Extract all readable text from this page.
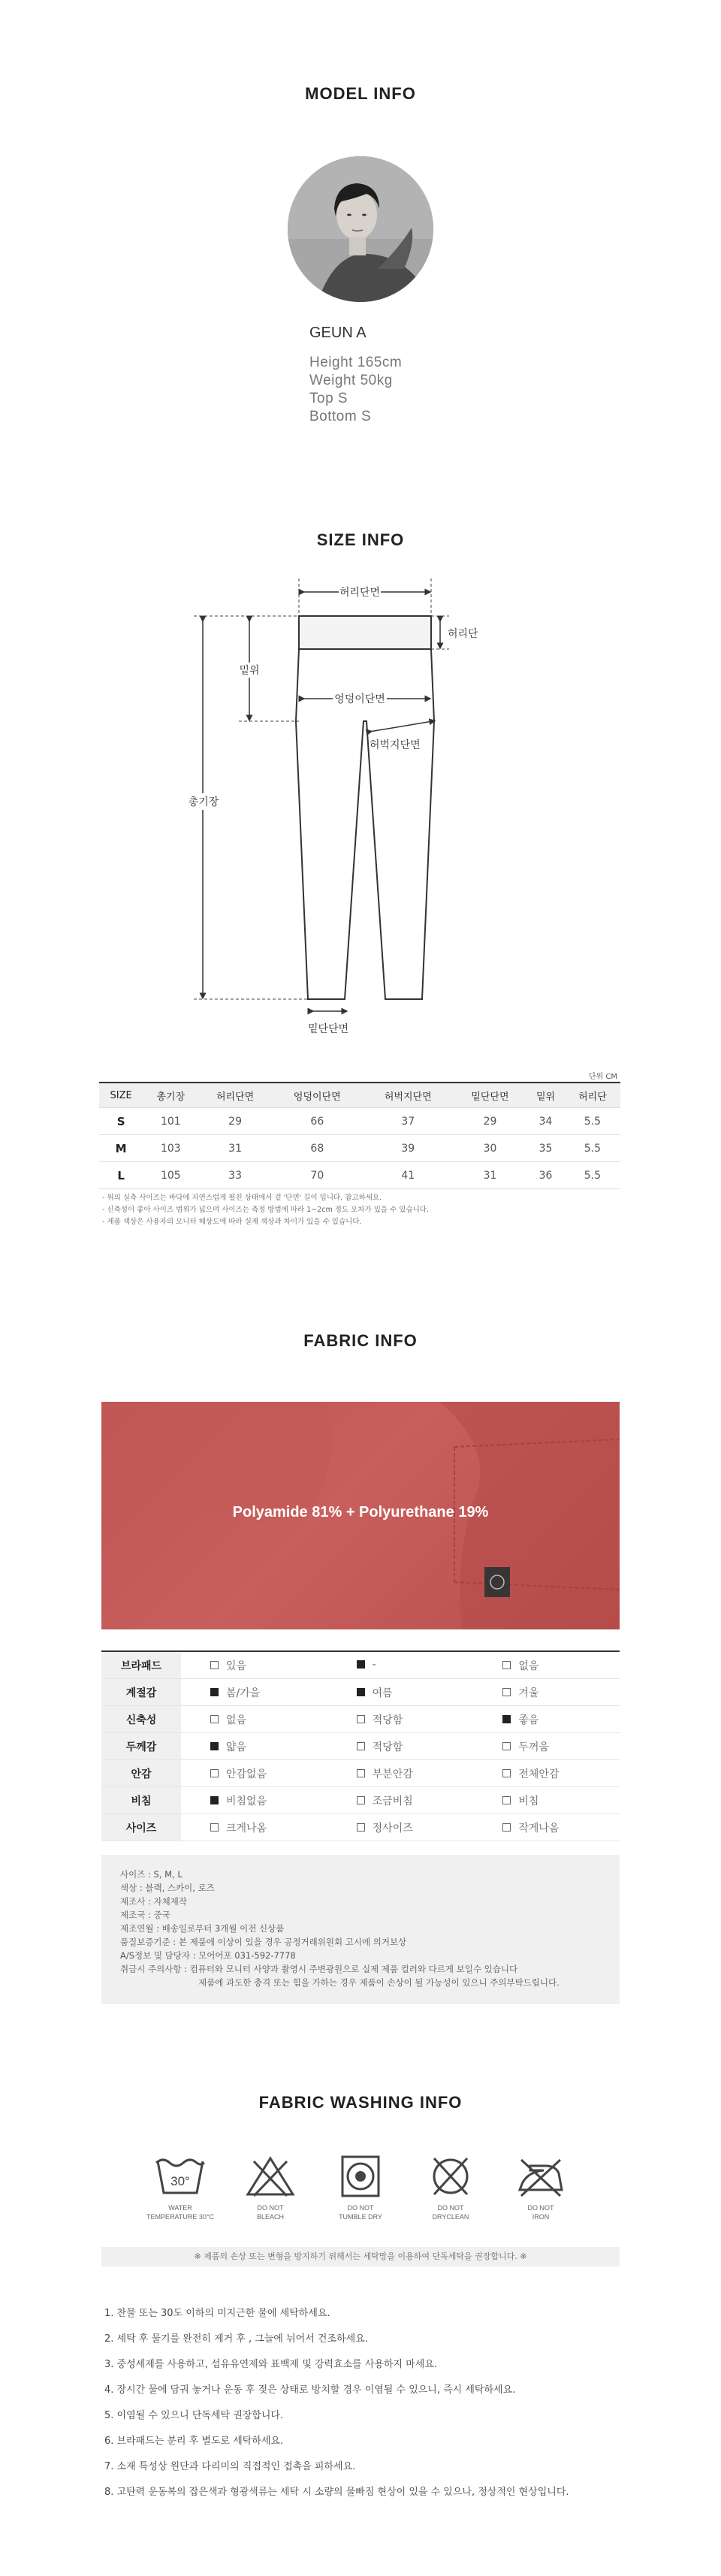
MODEL INFO
GEUN A
Height 165cm
Weight 50kg
Top S
Bottom S
SIZE INFO
허리단면
허리단
밑위
엉덩이단면
허벅지단면
총기장
밑단단면
단위 CM
SIZE	총기장	허리단면	엉덩이단면	허벅지단면	밑단단면	밑위	허리단
S	101	29	66	37	29	34	5.5
M	103	31	68	39	30	35	5.5
L	105	33	70	41	31	36	5.5
- 위의 실측 사이즈는 바닥에 자연스럽게 펼친 상태에서 겉 '단면' 길이 입니다. 참고하세요.
- 신축성이 좋아 사이즈 범위가 넓으며 사이즈는 측정 방법에 따라 1~2cm 정도 오차가 있을 수 있습니다.
- 제품 색상은 사용자의 모니터 해상도에 따라 실제 색상과 차이가 있을 수 있습니다.
FABRIC INFO
Polyamide 81% + Polyurethane 19%
브라패드	있음	-	없음

계절감	봄/가을	여름	겨울

신축성	없음	적당함	좋음

두께감	얇음	적당함	두꺼움

안감	안감없음	부분안감	전체안감

비침	비침없음	조금비침	비침

사이즈	크게나옴	정사이즈	작게나옴
사이즈 : S, M, L
색상 : 블랙, 스카이, 로즈
제조사 : 자체제작
제조국 : 중국
제조연월 : 배송일로부터 3개월 이전 신상품
품질보증기준 : 본 제품에 이상이 있을 경우 공정거래위원회 고시에 의거보상
A/S정보 및 담당자 : 모어어포 031-592-7778
취급시 주의사항 : 컴퓨터와 모니터 사양과 촬영시 주변광원으로 실제 제품 컬러와 다르게 보일수 있습니다
제품에 과도한 충격 또는 힘을 가하는 경우 제품이 손상이 될 가능성이 있으니 주의부탁드립니다.
FABRIC WASHING INFO
30°
WATER
TEMPERATURE 30°C
DO NOT
BLEACH
DO NOT
TUMBLE DRY
DO NOT
DRYCLEAN
DO NOT
IRON
※ 제품의 손상 또는 변형을 방지하기 위해서는 세탁망을 이용하여 단독세탁을 권장합니다. ※
1. 찬물 또는 30도 이하의 미지근한 물에 세탁하세요.
2. 세탁 후 물기를 완전히 제거 후 , 그늘에 뉘어서 건조하세요.
3. 중성세제를 사용하고, 섬유유연제와 표백제 및 강력효소를 사용하지 마세요.
4. 장시간 물에 담궈 놓거나 운동 후 젖은 상태로 방치할 경우 이염될 수 있으니, 즉시 세탁하세요.
5. 이염될 수 있으니 단독세탁 권장합니다.
6. 브라패드는 분리 후 별도로 세탁하세요.
7. 소재 특성상 원단과 다리미의 직접적인 접촉을 피하세요.
8. 고탄력 운동복의 잡은색과 형광색류는 세탁 시 소량의 물빠짐 현상이 있을 수 있으나, 정상적인 현상입니다.
